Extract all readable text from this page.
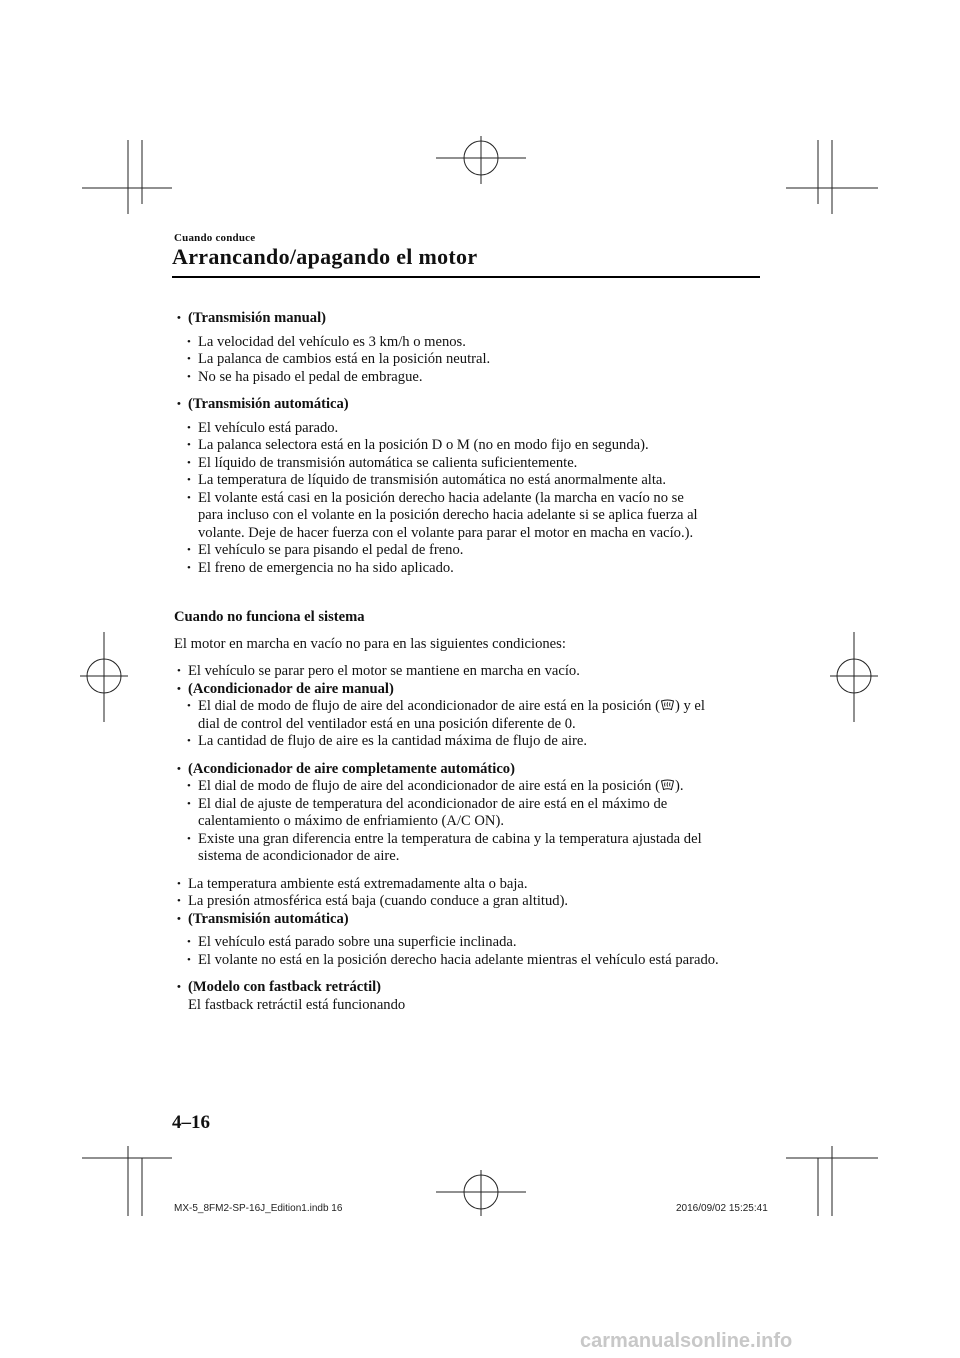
Cuando conduce
Arrancando/apagando el motor
• (Transmisión manual)
• La velocidad del vehículo es 3 km/h o menos.
• La palanca de cambios está en la posición neutral.
• No se ha pisado el pedal de embrague.
• (Transmisión automática)
• El vehículo está parado.
• La palanca selectora está en la posición D o M (no en modo fijo en segunda).
• El líquido de transmisión automática se calienta suficientemente.
• La temperatura de líquido de transmisión automática no está anormalmente alta.
• El volante está casi en la posición derecho hacia adelante (la marcha en vacío no se
para incluso con el volante en la posición derecho hacia adelante si se aplica fuerza al
volante. Deje de hacer fuerza con el volante para parar el motor en macha en vacío.).
• El vehículo se para pisando el pedal de freno.
• El freno de emergencia no ha sido aplicado.
Cuando no funciona el sistema
El motor en marcha en vacío no para en las siguientes condiciones:
• El vehículo se parar pero el motor se mantiene en marcha en vacío.
• (Acondicionador de aire manual)
• El dial de modo de flujo de aire del acondicionador de aire está en la posición ( ) y el
dial de control del ventilador está en una posición diferente de 0.
• La cantidad de flujo de aire es la cantidad máxima de flujo de aire.
• (Acondicionador de aire completamente automático)
• El dial de modo de flujo de aire del acondicionador de aire está en la posición ( ).
• El dial de ajuste de temperatura del acondicionador de aire está en el máximo de
calentamiento o máximo de enfriamiento (A/C ON).
• Existe una gran diferencia entre la temperatura de cabina y la temperatura ajustada del
sistema de acondicionador de aire.
• La temperatura ambiente está extremadamente alta o baja.
• La presión atmosférica está baja (cuando conduce a gran altitud).
• (Transmisión automática)
• El vehículo está parado sobre una superficie inclinada.
• El volante no está en la posición derecho hacia adelante mientras el vehículo está parado.
• (Modelo con fastback retráctil)
El fastback retráctil está funcionando
4–16
MX-5_8FM2-SP-16J_Edition1.indb 16	2016/09/02 15:25:41
carmanualsonline.info
